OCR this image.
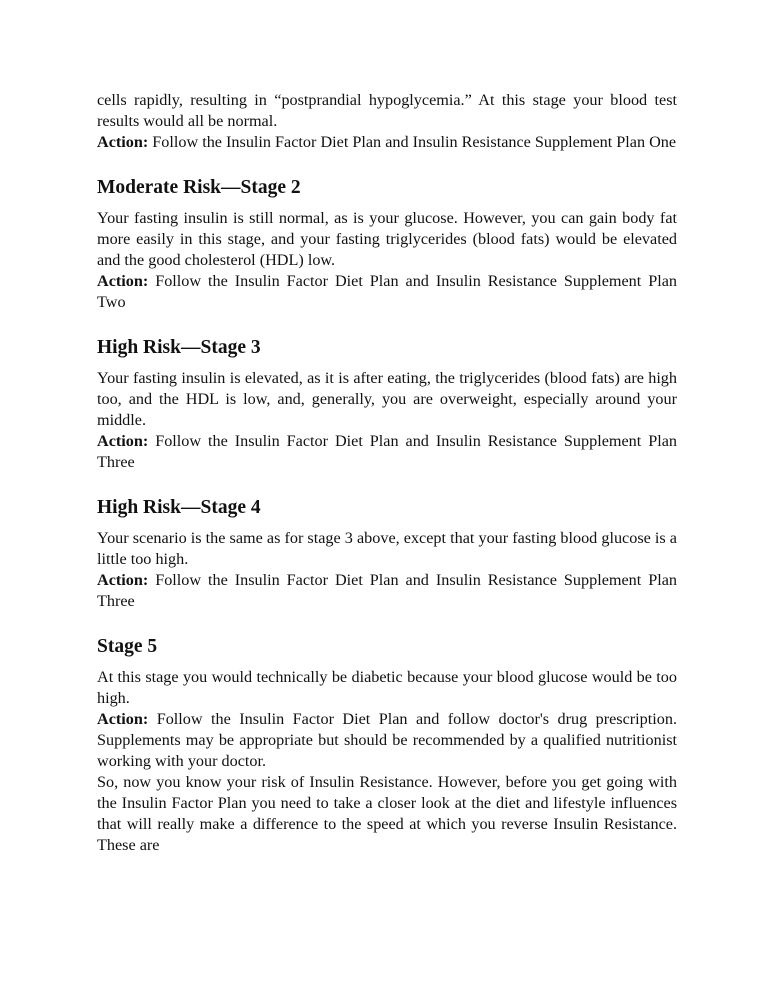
cells rapidly, resulting in “postprandial hypoglycemia.” At this stage your blood test results would all be normal.

Action: Follow the Insulin Factor Diet Plan and Insulin Resistance Supplement Plan One

Moderate Risk—Stage 2

Your fasting insulin is still normal, as is your glucose. However, you can gain body fat more easily in this stage, and your fasting triglycerides (blood fats) would be elevated and the good cholesterol (HDL) low.

Action: Follow the Insulin Factor Diet Plan and Insulin Resistance Supplement Plan Two

High Risk—Stage 3

Your fasting insulin is elevated, as it is after eating, the triglycerides (blood fats) are high too, and the HDL is low, and, generally, you are overweight, especially around your middle.

Action: Follow the Insulin Factor Diet Plan and Insulin Resistance Supplement Plan Three

High Risk—Stage 4

Your scenario is the same as for stage 3 above, except that your fasting blood glucose is a little too high.

Action: Follow the Insulin Factor Diet Plan and Insulin Resistance Supplement Plan Three

Stage 5

At this stage you would technically be diabetic because your blood glucose would be too high.

Action: Follow the Insulin Factor Diet Plan and follow doctor's drug prescription. Supplements may be appropriate but should be recommended by a qualified nutritionist working with your doctor.

So, now you know your risk of Insulin Resistance. However, before you get going with the Insulin Factor Plan you need to take a closer look at the diet and lifestyle influences that will really make a difference to the speed at which you reverse Insulin Resistance. These are
